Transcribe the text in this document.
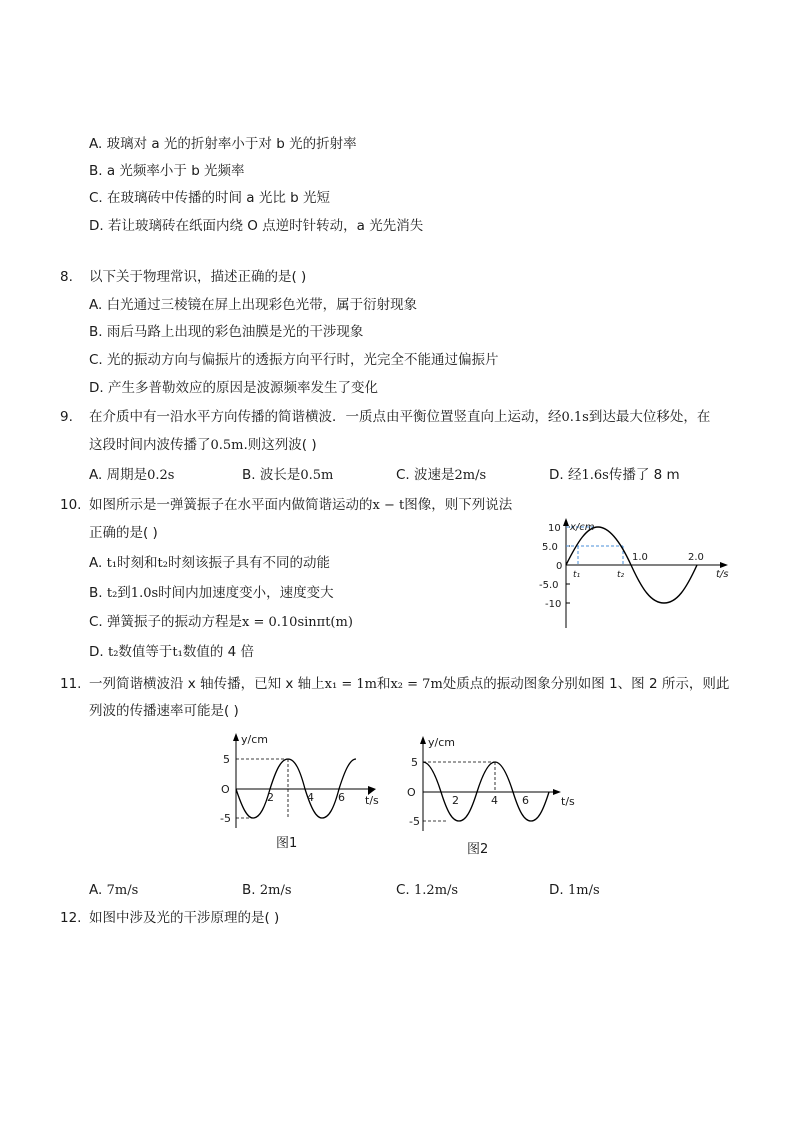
A. 玻璃对 a 光的折射率小于对 b 光的折射率
B. a 光频率小于 b 光频率
C. 在玻璃砖中传播的时间 a 光比 b 光短
D. 若让玻璃砖在纸面内绕 O 点逆时针转动，a 光先消失
8. 以下关于物理常识，描述正确的是( )
A. 白光通过三棱镜在屏上出现彩色光带，属于衍射现象
B. 雨后马路上出现的彩色油膜是光的干涉现象
C. 光的振动方向与偏振片的透振方向平行时，光完全不能通过偏振片
D. 产生多普勒效应的原因是波源频率发生了变化
9. 在介质中有一沿水平方向传播的简谐横波．一质点由平衡位置竖直向上运动，经0.1s到达最大位移处，在
这段时间内波传播了0.5m.则这列波( )
A. 周期是0.2s	B. 波长是0.5m	C. 波速是2m/s	D. 经1.6s传播了 8 m
10. 如图所示是一弹簧振子在水平面内做简谐运动的x − t图像，则下列说法
正确的是( )
A. t₁时刻和t₂时刻该振子具有不同的动能
B. t₂到1.0s时间内加速度变小，速度变大
C. 弹簧振子的振动方程是x = 0.10sinπt(m)
D. t₂数值等于t₁数值的 4 倍
x/cm
10
5.0
0
-5.0
-10
1.0	2.0
t₁	t₂	t/s
11. 一列简谐横波沿 x 轴传播，已知 x 轴上x₁ = 1m和x₂ = 7m处质点的振动图象分别如图 1、图 2 所示，则此
列波的传播速率可能是( )
y/cm
5
O
-5
2	4 6 t/s
图1
y/cm
5
O
-5
2	4 6	t/s
图2
A. 7m/s	B. 2m/s	C. 1.2m/s	D. 1m/s
12. 如图中涉及光的干涉原理的是( )
